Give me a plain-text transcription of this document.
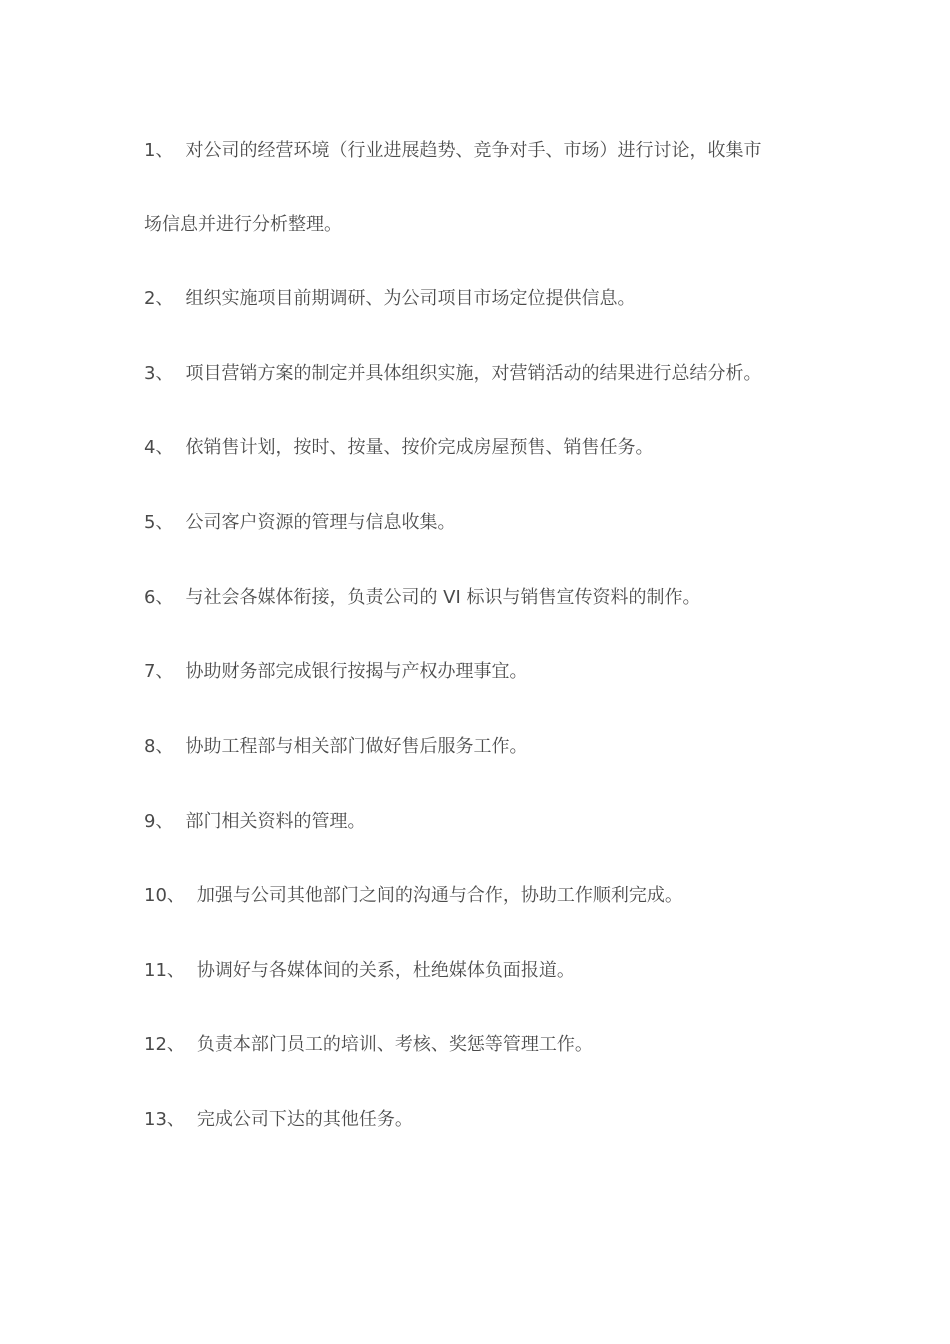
1、 对公司的经营环境（行业进展趋势、竞争对手、市场）进行讨论，收集市
场信息并进行分析整理。
2、 组织实施项目前期调研、为公司项目市场定位提供信息。
3、 项目营销方案的制定并具体组织实施，对营销活动的结果进行总结分析。
4、 依销售计划，按时、按量、按价完成房屋预售、销售任务。
5、 公司客户资源的管理与信息收集。
6、 与社会各媒体衔接，负责公司的 VI 标识与销售宣传资料的制作。
7、 协助财务部完成银行按揭与产权办理事宜。
8、 协助工程部与相关部门做好售后服务工作。
9、 部门相关资料的管理。
10、 加强与公司其他部门之间的沟通与合作，协助工作顺利完成。
11、 协调好与各媒体间的关系，杜绝媒体负面报道。
12、 负责本部门员工的培训、考核、奖惩等管理工作。
13、 完成公司下达的其他任务。
